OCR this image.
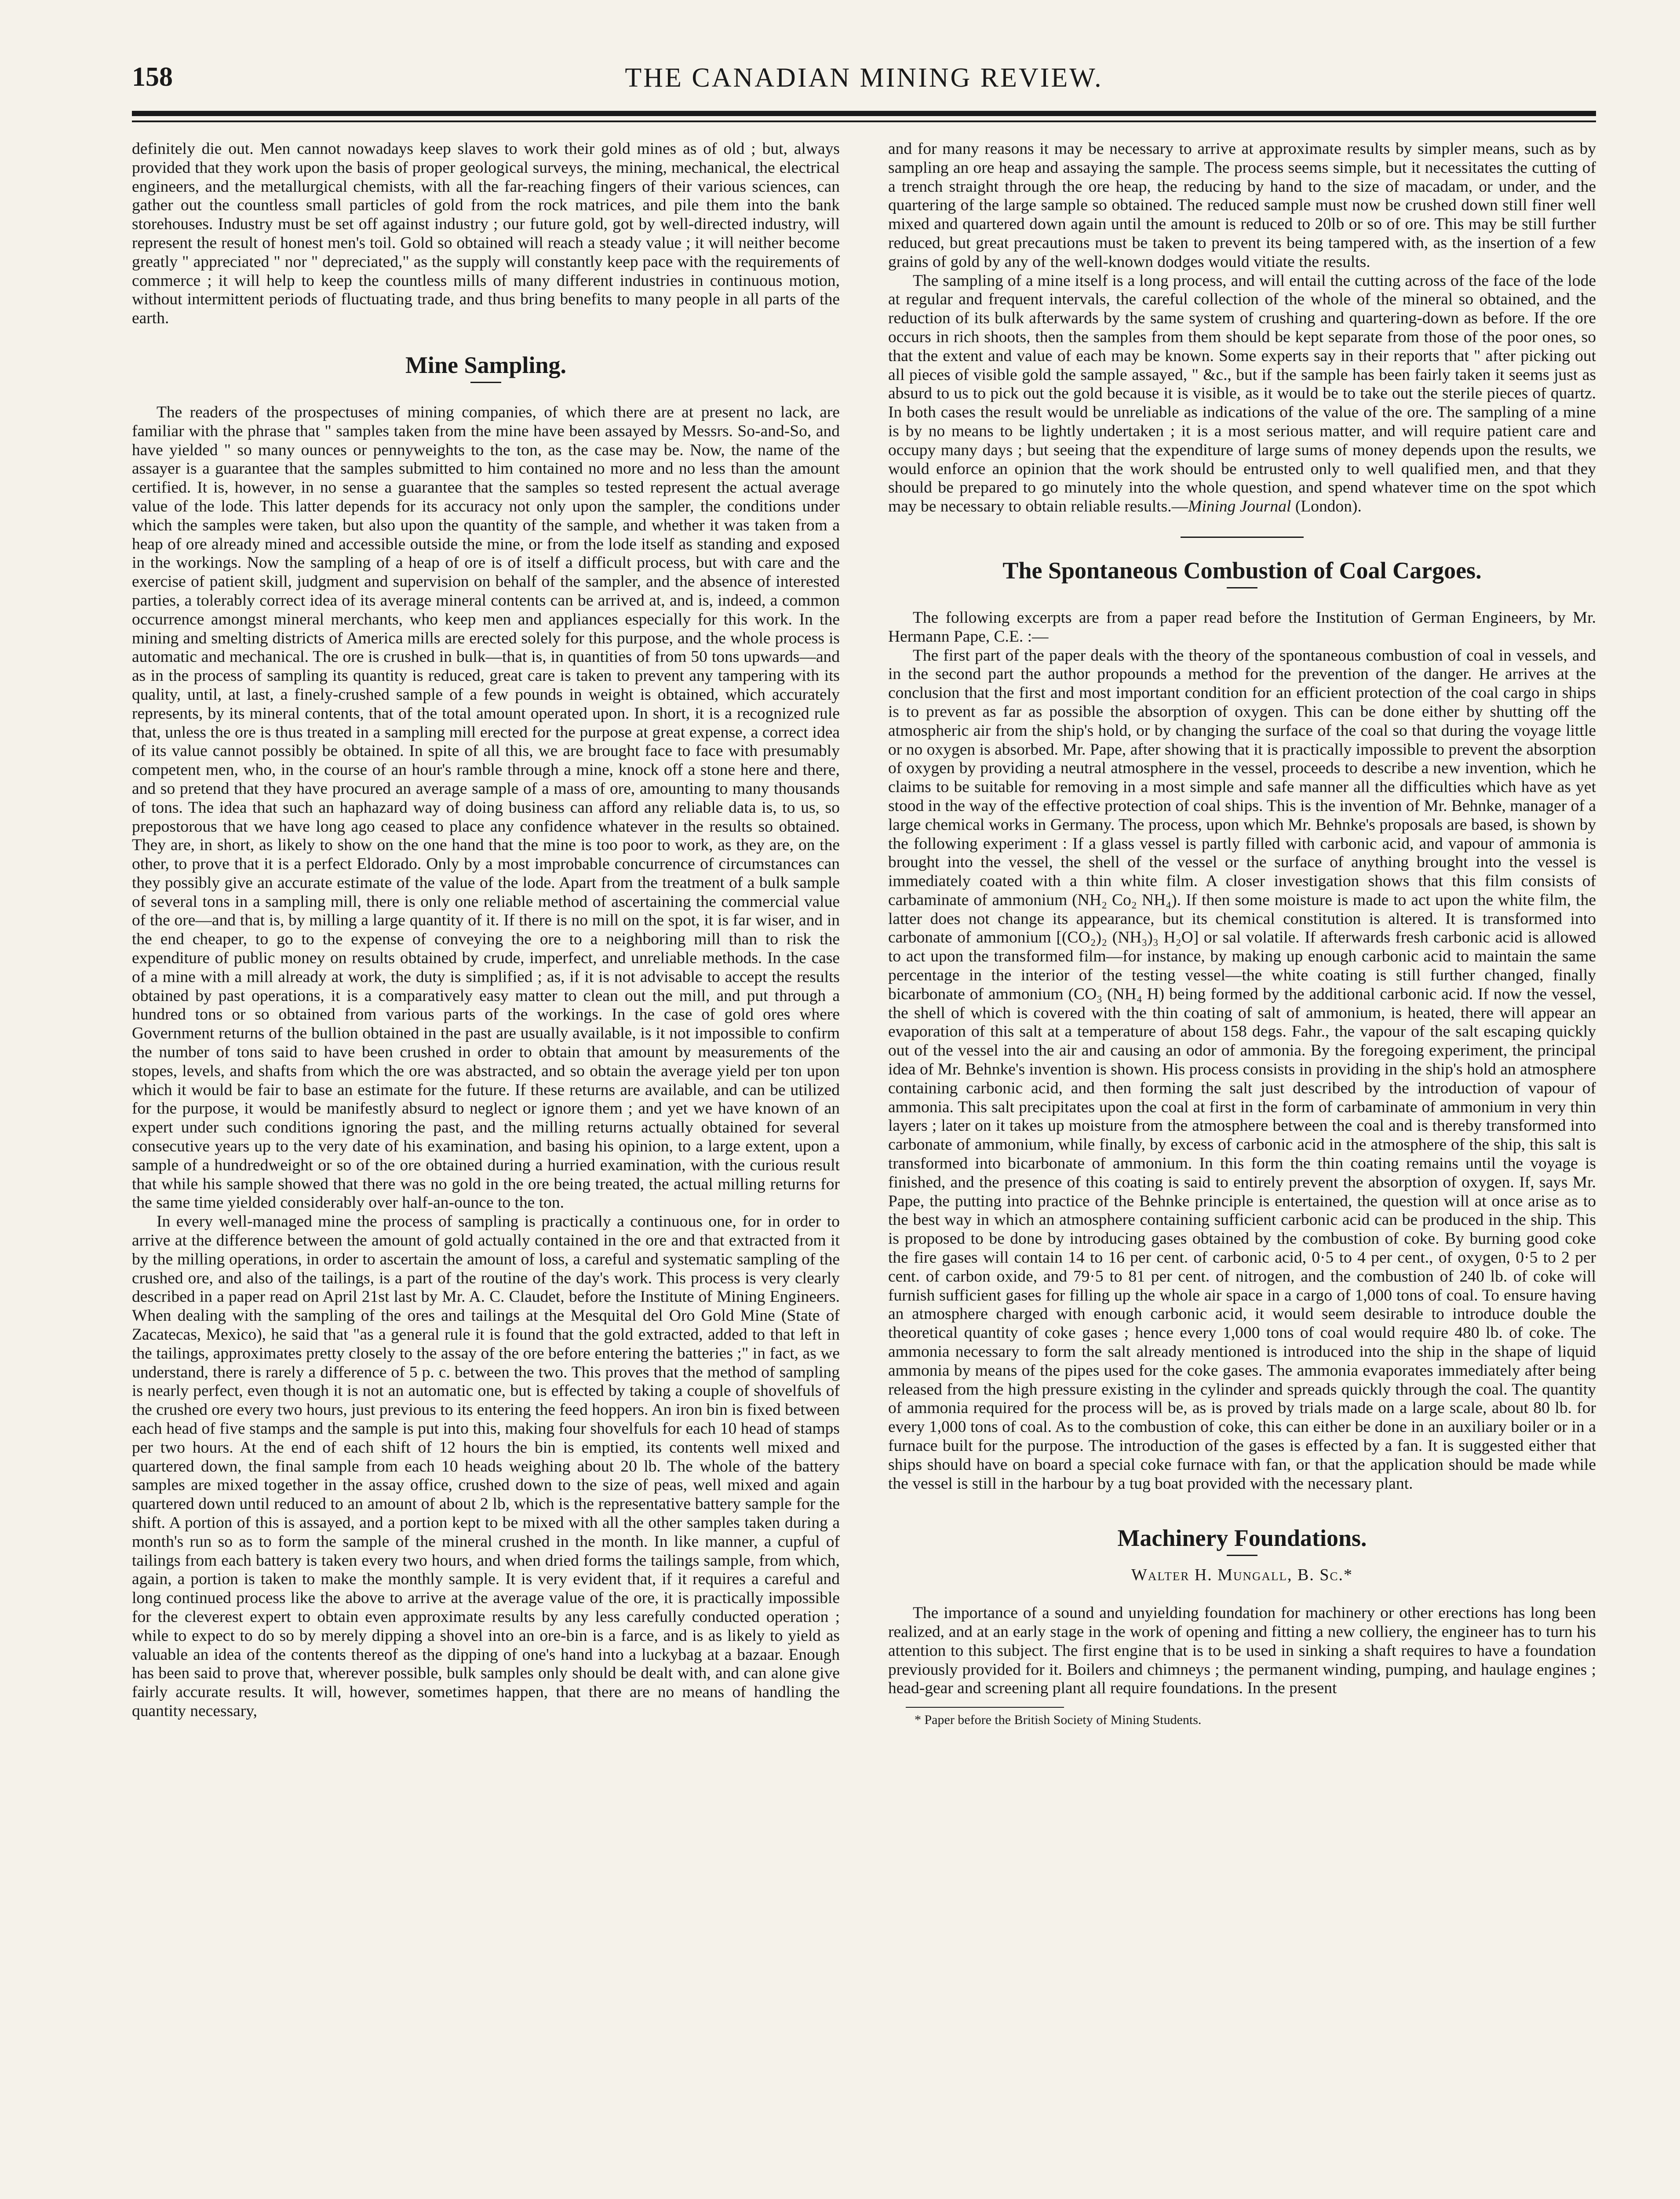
158	THE CANADIAN MINING REVIEW.

definitely die out. Men cannot nowadays keep slaves to work their gold mines as of old ; but, always provided that they work upon the basis of proper geological surveys, the mining, mechanical, the electrical engineers, and the metallurgical chemists, with all the far-reaching fingers of their various sciences, can gather out the countless small particles of gold from the rock matrices, and pile them into the bank storehouses. Industry must be set off against industry ; our future gold, got by well-directed industry, will represent the result of honest men's toil. Gold so obtained will reach a steady value ; it will neither become greatly " appreciated " nor " depreciated," as the supply will constantly keep pace with the requirements of commerce ; it will help to keep the countless mills of many different industries in continuous motion, without intermittent periods of fluctuating trade, and thus bring benefits to many people in all parts of the earth.

Mine Sampling.

The readers of the prospectuses of mining companies, of which there are at present no lack, are familiar with the phrase that " samples taken from the mine have been assayed by Messrs. So-and-So, and have yielded " so many ounces or pennyweights to the ton, as the case may be. Now, the name of the assayer is a guarantee that the samples submitted to him contained no more and no less than the amount certified. It is, however, in no sense a guarantee that the samples so tested represent the actual average value of the lode. This latter depends for its accuracy not only upon the sampler, the conditions under which the samples were taken, but also upon the quantity of the sample, and whether it was taken from a heap of ore already mined and accessible outside the mine, or from the lode itself as standing and exposed in the workings. Now the sampling of a heap of ore is of itself a difficult process, but with care and the exercise of patient skill, judgment and supervision on behalf of the sampler, and the absence of interested parties, a tolerably correct idea of its average mineral contents can be arrived at, and is, indeed, a common occurrence amongst mineral merchants, who keep men and appliances especially for this work. In the mining and smelting districts of America mills are erected solely for this purpose, and the whole process is automatic and mechanical. The ore is crushed in bulk—that is, in quantities of from 50 tons upwards—and as in the process of sampling its quantity is reduced, great care is taken to prevent any tampering with its quality, until, at last, a finely-crushed sample of a few pounds in weight is obtained, which accurately represents, by its mineral contents, that of the total amount operated upon. In short, it is a recognized rule that, unless the ore is thus treated in a sampling mill erected for the purpose at great expense, a correct idea of its value cannot possibly be obtained. In spite of all this, we are brought face to face with presumably competent men, who, in the course of an hour's ramble through a mine, knock off a stone here and there, and so pretend that they have procured an average sample of a mass of ore, amounting to many thousands of tons. The idea that such an haphazard way of doing business can afford any reliable data is, to us, so prepostorous that we have long ago ceased to place any confidence whatever in the results so obtained. They are, in short, as likely to show on the one hand that the mine is too poor to work, as they are, on the other, to prove that it is a perfect Eldorado. Only by a most improbable concurrence of circumstances can they possibly give an accurate estimate of the value of the lode. Apart from the treatment of a bulk sample of several tons in a sampling mill, there is only one reliable method of ascertaining the commercial value of the ore—and that is, by milling a large quantity of it. If there is no mill on the spot, it is far wiser, and in the end cheaper, to go to the expense of conveying the ore to a neighboring mill than to risk the expenditure of public money on results obtained by crude, imperfect, and unreliable methods. In the case of a mine with a mill already at work, the duty is simplified ; as, if it is not advisable to accept the results obtained by past operations, it is a comparatively easy matter to clean out the mill, and put through a hundred tons or so obtained from various parts of the workings. In the case of gold ores where Government returns of the bullion obtained in the past are usually available, is it not impossible to confirm the number of tons said to have been crushed in order to obtain that amount by measurements of the stopes, levels, and shafts from which the ore was abstracted, and so obtain the average yield per ton upon which it would be fair to base an estimate for the future. If these returns are available, and can be utilized for the purpose, it would be manifestly absurd to neglect or ignore them ; and yet we have known of an expert under such conditions ignoring the past, and the milling returns actually obtained for several consecutive years up to the very date of his examination, and basing his opinion, to a large extent, upon a sample of a hundredweight or so of the ore obtained during a hurried examination, with the curious result that while his sample showed that there was no gold in the ore being treated, the actual milling returns for the same time yielded considerably over half-an-ounce to the ton.

In every well-managed mine the process of sampling is practically a continuous one, for in order to arrive at the difference between the amount of gold actually contained in the ore and that extracted from it by the milling operations, in order to ascertain the amount of loss, a careful and systematic sampling of the crushed ore, and also of the tailings, is a part of the routine of the day's work. This process is very clearly described in a paper read on April 21st last by Mr. A. C. Claudet, before the Institute of Mining Engineers. When dealing with the sampling of the ores and tailings at the Mesquital del Oro Gold Mine (State of Zacatecas, Mexico), he said that "as a general rule it is found that the gold extracted, added to that left in the tailings, approximates pretty closely to the assay of the ore before entering the batteries ;" in fact, as we understand, there is rarely a difference of 5 p. c. between the two. This proves that the method of sampling is nearly perfect, even though it is not an automatic one, but is effected by taking a couple of shovelfuls of the crushed ore every two hours, just previous to its entering the feed hoppers. An iron bin is fixed between each head of five stamps and the sample is put into this, making four shovelfuls for each 10 head of stamps per two hours. At the end of each shift of 12 hours the bin is emptied, its contents well mixed and quartered down, the final sample from each 10 heads weighing about 20 lb. The whole of the battery samples are mixed together in the assay office, crushed down to the size of peas, well mixed and again quartered down until reduced to an amount of about 2 lb, which is the representative battery sample for the shift. A portion of this is assayed, and a portion kept to be mixed with all the other samples taken during a month's run so as to form the sample of the mineral crushed in the month. In like manner, a cupful of tailings from each battery is taken every two hours, and when dried forms the tailings sample, from which, again, a portion is taken to make the monthly sample. It is very evident that, if it requires a careful and long continued process like the above to arrive at the average value of the ore, it is practically impossible for the cleverest expert to obtain even approximate results by any less carefully conducted operation ; while to expect to do so by merely dipping a shovel into an ore-bin is a farce, and is as likely to yield as valuable an idea of the contents thereof as the dipping of one's hand into a luckybag at a bazaar. Enough has been said to prove that, wherever possible, bulk samples only should be dealt with, and can alone give fairly accurate results. It will, however, sometimes happen, that there are no means of handling the quantity necessary,

and for many reasons it may be necessary to arrive at approximate results by simpler means, such as by sampling an ore heap and assaying the sample. The process seems simple, but it necessitates the cutting of a trench straight through the ore heap, the reducing by hand to the size of macadam, or under, and the quartering of the large sample so obtained. The reduced sample must now be crushed down still finer well mixed and quartered down again until the amount is reduced to 20lb or so of ore. This may be still further reduced, but great precautions must be taken to prevent its being tampered with, as the insertion of a few grains of gold by any of the well-known dodges would vitiate the results.

The sampling of a mine itself is a long process, and will entail the cutting across of the face of the lode at regular and frequent intervals, the careful collection of the whole of the mineral so obtained, and the reduction of its bulk afterwards by the same system of crushing and quartering-down as before. If the ore occurs in rich shoots, then the samples from them should be kept separate from those of the poor ones, so that the extent and value of each may be known. Some experts say in their reports that " after picking out all pieces of visible gold the sample assayed, " &c., but if the sample has been fairly taken it seems just as absurd to us to pick out the gold because it is visible, as it would be to take out the sterile pieces of quartz. In both cases the result would be unreliable as indications of the value of the ore. The sampling of a mine is by no means to be lightly undertaken ; it is a most serious matter, and will require patient care and occupy many days ; but seeing that the expenditure of large sums of money depends upon the results, we would enforce an opinion that the work should be entrusted only to well qualified men, and that they should be prepared to go minutely into the whole question, and spend whatever time on the spot which may be necessary to obtain reliable results.—Mining Journal (London).

The Spontaneous Combustion of Coal Cargoes.

The following excerpts are from a paper read before the Institution of German Engineers, by Mr. Hermann Pape, C.E. :—

The first part of the paper deals with the theory of the spontaneous combustion of coal in vessels, and in the second part the author propounds a method for the prevention of the danger. He arrives at the conclusion that the first and most important condition for an efficient protection of the coal cargo in ships is to prevent as far as possible the absorption of oxygen. This can be done either by shutting off the atmospheric air from the ship's hold, or by changing the surface of the coal so that during the voyage little or no oxygen is absorbed. Mr. Pape, after showing that it is practically impossible to prevent the absorption of oxygen by providing a neutral atmosphere in the vessel, proceeds to describe a new invention, which he claims to be suitable for removing in a most simple and safe manner all the difficulties which have as yet stood in the way of the effective protection of coal ships. This is the invention of Mr. Behnke, manager of a large chemical works in Germany. The process, upon which Mr. Behnke's proposals are based, is shown by the following experiment : If a glass vessel is partly filled with carbonic acid, and vapour of ammonia is brought into the vessel, the shell of the vessel or the surface of anything brought into the vessel is immediately coated with a thin white film. A closer investigation shows that this film consists of carbaminate of ammonium (NH₂ Co₂ NH₄). If then some moisture is made to act upon the white film, the latter does not change its appearance, but its chemical constitution is altered. It is transformed into carbonate of ammonium [(CO₂)₂ (NH₃)₃ H₂O] or sal volatile. If afterwards fresh carbonic acid is allowed to act upon the transformed film—for instance, by making up enough carbonic acid to maintain the same percentage in the interior of the testing vessel—the white coating is still further changed, finally bicarbonate of ammonium (CO₃ (NH₄ H) being formed by the additional carbonic acid. If now the vessel, the shell of which is covered with the thin coating of salt of ammonium, is heated, there will appear an evaporation of this salt at a temperature of about 158 degs. Fahr., the vapour of the salt escaping quickly out of the vessel into the air and causing an odor of ammonia. By the foregoing experiment, the principal idea of Mr. Behnke's invention is shown. His process consists in providing in the ship's hold an atmosphere containing carbonic acid, and then forming the salt just described by the introduction of vapour of ammonia. This salt precipitates upon the coal at first in the form of carbaminate of ammonium in very thin layers ; later on it takes up moisture from the atmosphere between the coal and is thereby transformed into carbonate of ammonium, while finally, by excess of carbonic acid in the atmosphere of the ship, this salt is transformed into bicarbonate of ammonium. In this form the thin coating remains until the voyage is finished, and the presence of this coating is said to entirely prevent the absorption of oxygen. If, says Mr. Pape, the putting into practice of the Behnke principle is entertained, the question will at once arise as to the best way in which an atmosphere containing sufficient carbonic acid can be produced in the ship. This is proposed to be done by introducing gases obtained by the combustion of coke. By burning good coke the fire gases will contain 14 to 16 per cent. of carbonic acid, 0·5 to 4 per cent., of oxygen, 0·5 to 2 per cent. of carbon oxide, and 79·5 to 81 per cent. of nitrogen, and the combustion of 240 lb. of coke will furnish sufficient gases for filling up the whole air space in a cargo of 1,000 tons of coal. To ensure having an atmosphere charged with enough carbonic acid, it would seem desirable to introduce double the theoretical quantity of coke gases ; hence every 1,000 tons of coal would require 480 lb. of coke. The ammonia necessary to form the salt already mentioned is introduced into the ship in the shape of liquid ammonia by means of the pipes used for the coke gases. The ammonia evaporates immediately after being released from the high pressure existing in the cylinder and spreads quickly through the coal. The quantity of ammonia required for the process will be, as is proved by trials made on a large scale, about 80 lb. for every 1,000 tons of coal. As to the combustion of coke, this can either be done in an auxiliary boiler or in a furnace built for the purpose. The introduction of the gases is effected by a fan. It is suggested either that ships should have on board a special coke furnace with fan, or that the application should be made while the vessel is still in the harbour by a tug boat provided with the necessary plant.

Machinery Foundations.
Walter H. Mungall, B. Sc.*

The importance of a sound and unyielding foundation for machinery or other erections has long been realized, and at an early stage in the work of opening and fitting a new colliery, the engineer has to turn his attention to this subject. The first engine that is to be used in sinking a shaft requires to have a foundation previously provided for it. Boilers and chimneys ; the permanent winding, pumping, and haulage engines ; head-gear and screening plant all require foundations. In the present

* Paper before the British Society of Mining Students.
